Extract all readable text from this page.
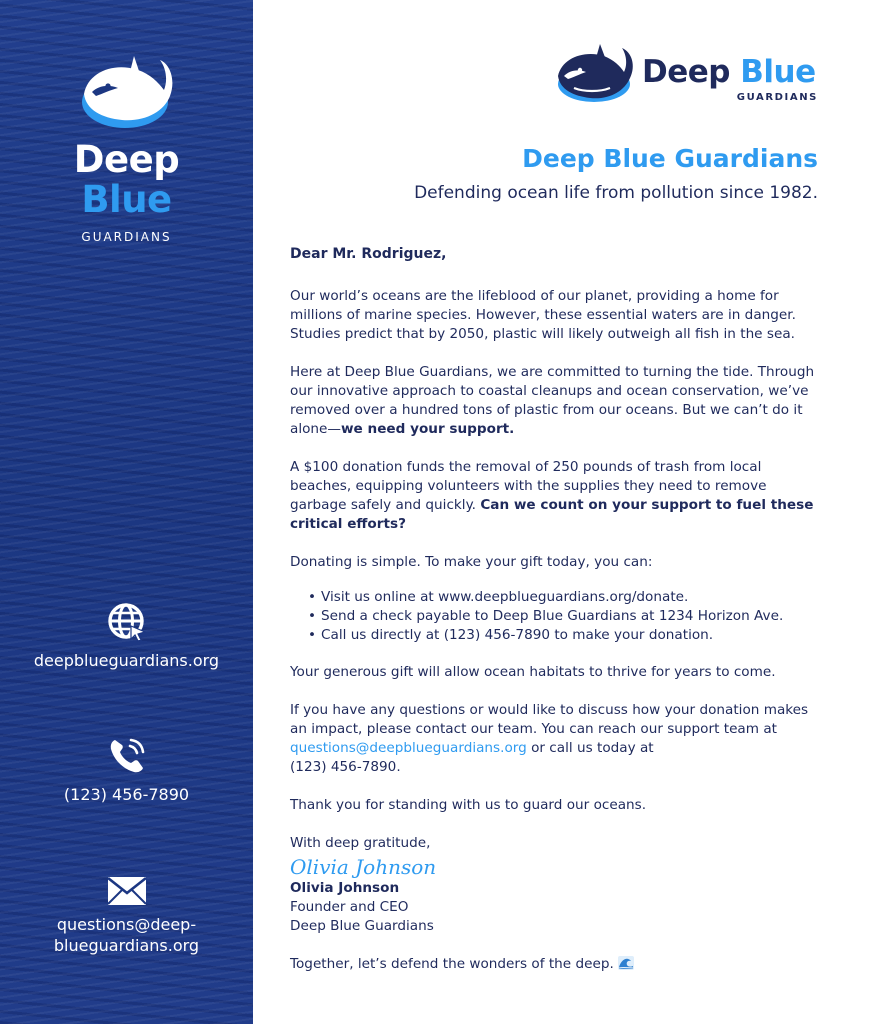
Deep
Blue
GUARDIANS
deepblueguardians.org
(123) 456-7890
questions@deep-
blueguardians.org
Deep Blue
GUARDIANS
Deep Blue Guardians
Defending ocean life from pollution since 1982.

Dear Mr. Rodriguez,

Our world’s oceans are the lifeblood of our planet, providing a home for millions of marine species. However, these essential waters are in danger. Studies predict that by 2050, plastic will likely outweigh all fish in the sea.

Here at Deep Blue Guardians, we are committed to turning the tide. Through our innovative approach to coastal cleanups and ocean conservation, we’ve removed over a hundred tons of plastic from our oceans. But we can’t do it alone—we need your support.

A $100 donation funds the removal of 250 pounds of trash from local beaches, equipping volunteers with the supplies they need to remove garbage safely and quickly. Can we count on your support to fuel these critical efforts?

Donating is simple. To make your gift today, you can:

• Visit us online at www.deepblueguardians.org/donate.
• Send a check payable to Deep Blue Guardians at 1234 Horizon Ave.
• Call us directly at (123) 456-7890 to make your donation.

Your generous gift will allow ocean habitats to thrive for years to come.

If you have any questions or would like to discuss how your donation makes an impact, please contact our team. You can reach our support team at questions@deepblueguardians.org or call us today at
(123) 456-7890.

Thank you for standing with us to guard our oceans.

With deep gratitude,

Olivia Johnson
Olivia Johnson
Founder and CEO
Deep Blue Guardians

Together, let’s defend the wonders of the deep.
